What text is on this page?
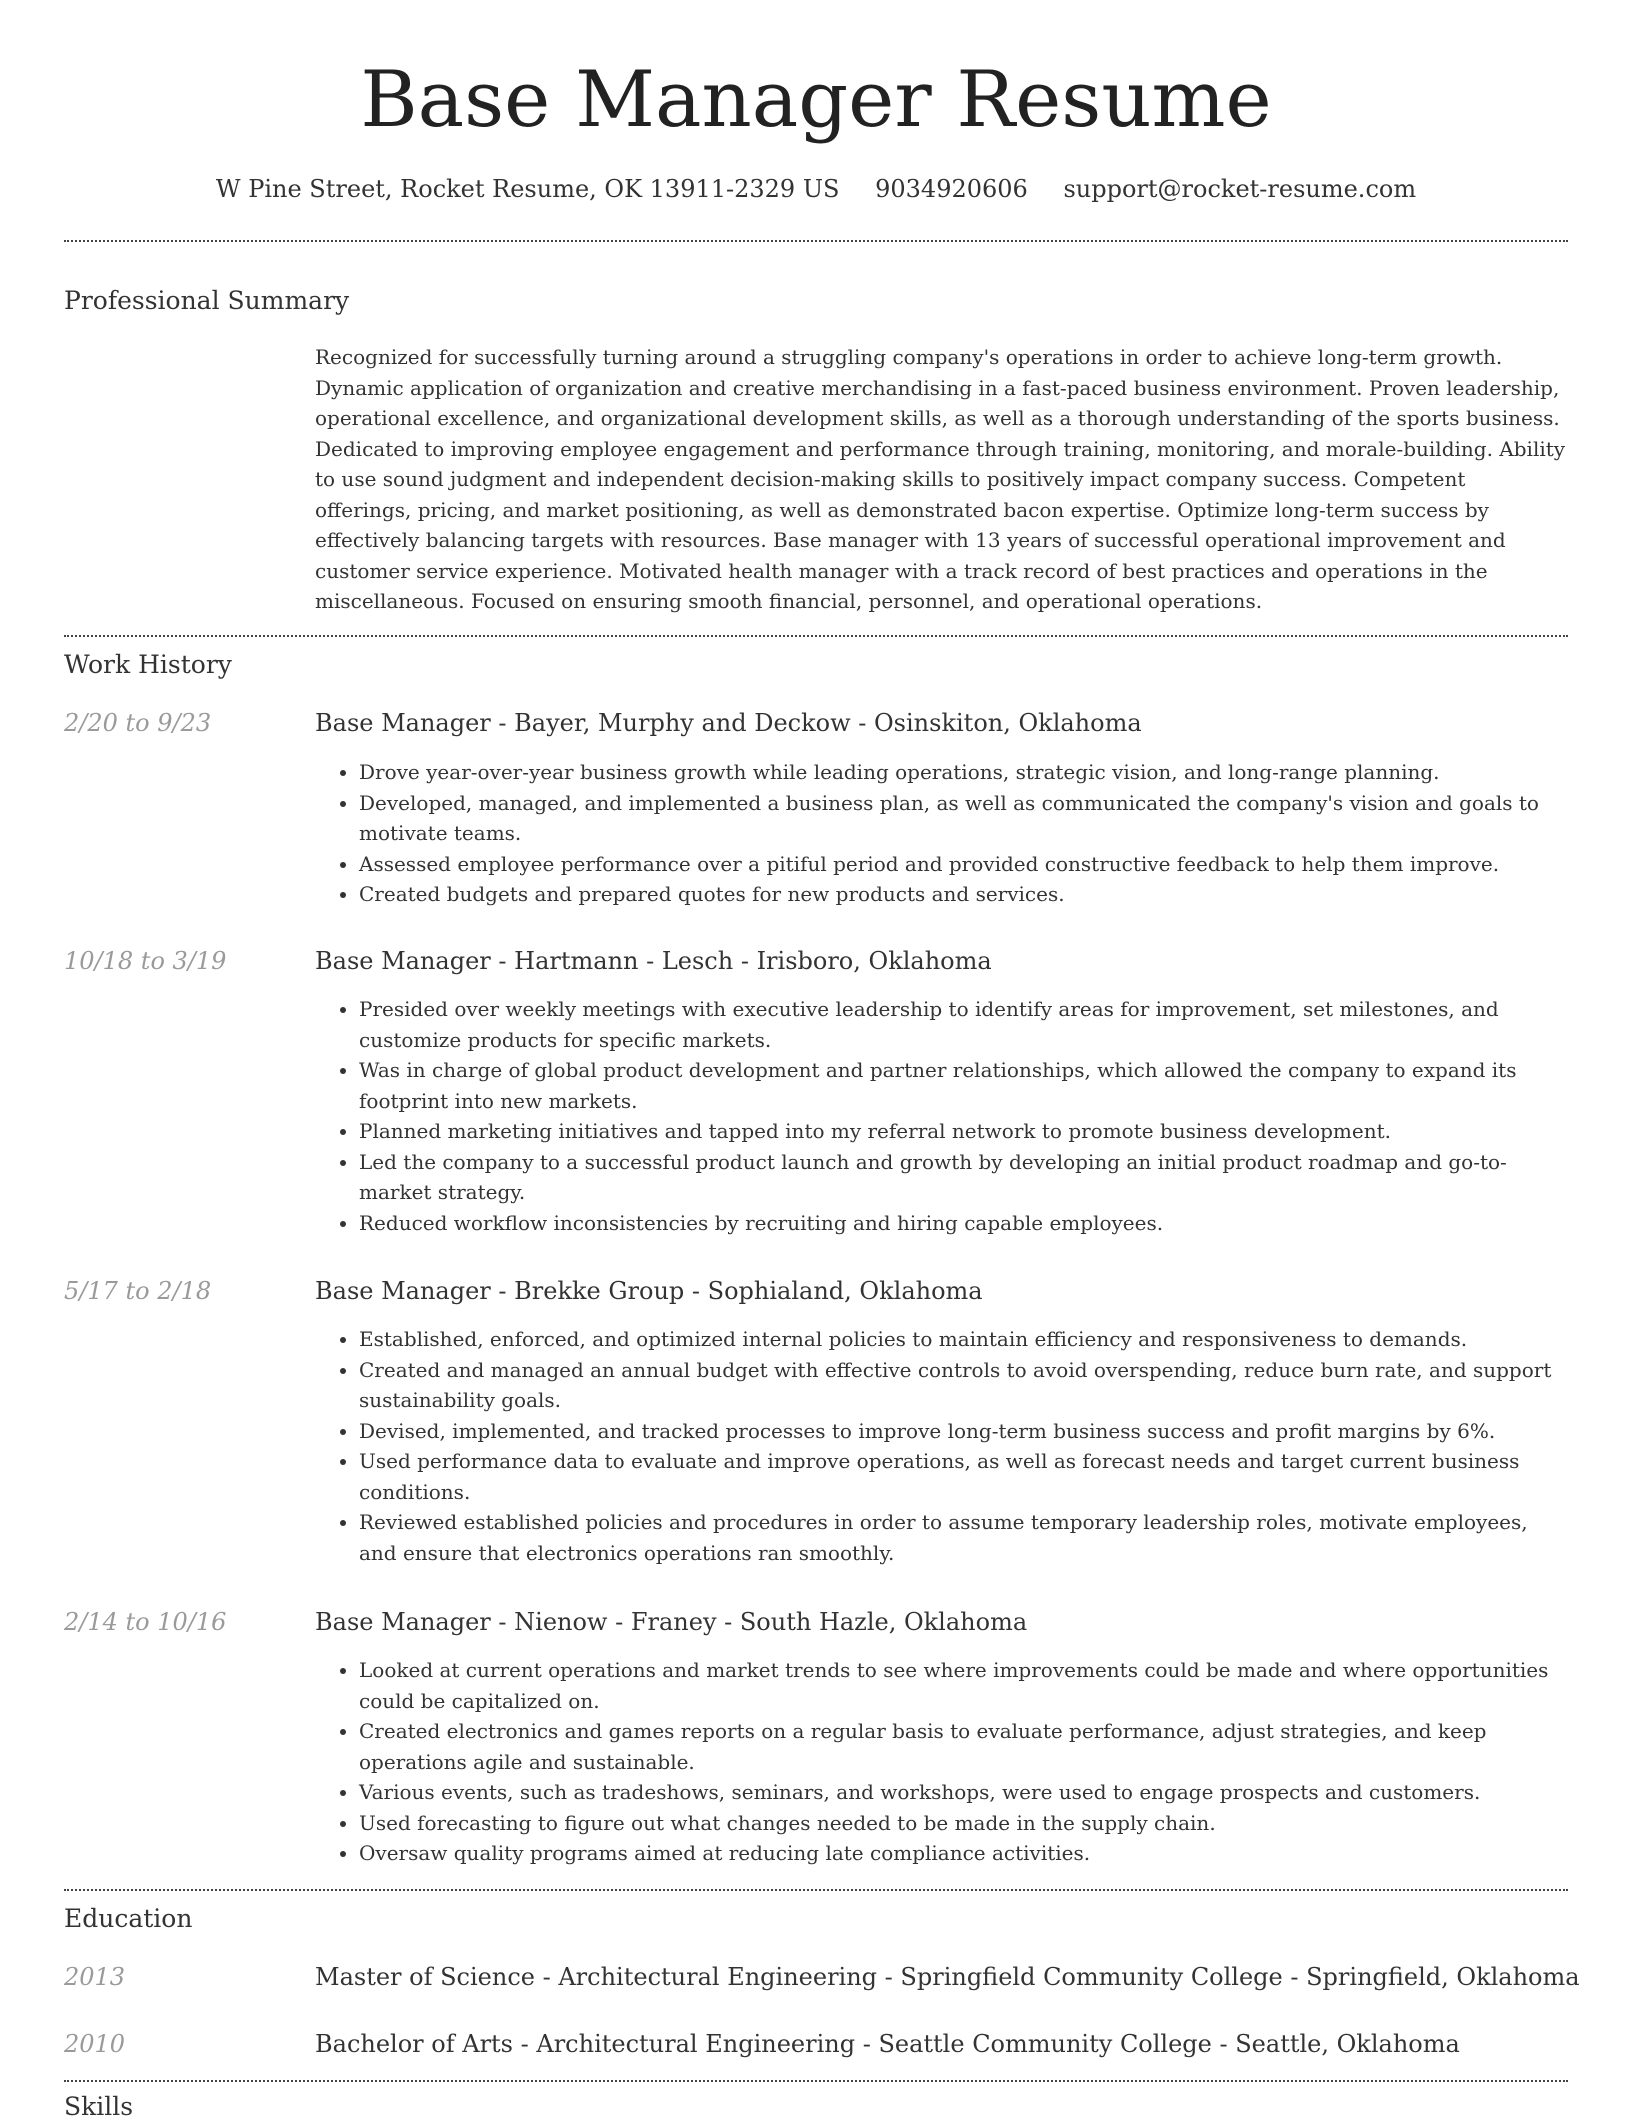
Base Manager Resume
W Pine Street, Rocket Resume, OK 13911-2329 US 9034920606 support@rocket-resume.com
Professional Summary

Recognized for successfully turning around a struggling company's operations in order to achieve long-term growth. Dynamic application of organization and creative merchandising in a fast-paced business environment. Proven leadership, operational excellence, and organizational development skills, as well as a thorough understanding of the sports business. Dedicated to improving employee engagement and performance through training, monitoring, and morale-building. Ability to use sound judgment and independent decision-making skills to positively impact company success. Competent offerings, pricing, and market positioning, as well as demonstrated bacon expertise. Optimize long-term success by effectively balancing targets with resources. Base manager with 13 years of successful operational improvement and customer service experience. Motivated health manager with a track record of best practices and operations in the miscellaneous. Focused on ensuring smooth financial, personnel, and operational operations.

Work History
2/20 to 9/23	Base Manager - Bayer, Murphy and Deckow - Osinskiton, Oklahoma
• Drove year-over-year business growth while leading operations, strategic vision, and long-range planning.
• Developed, managed, and implemented a business plan, as well as communicated the company's vision and goals to motivate teams.
• Assessed employee performance over a pitiful period and provided constructive feedback to help them improve.
• Created budgets and prepared quotes for new products and services.
10/18 to 3/19	Base Manager - Hartmann - Lesch - Irisboro, Oklahoma
• Presided over weekly meetings with executive leadership to identify areas for improvement, set milestones, and customize products for specific markets.
• Was in charge of global product development and partner relationships, which allowed the company to expand its footprint into new markets.
• Planned marketing initiatives and tapped into my referral network to promote business development.
• Led the company to a successful product launch and growth by developing an initial product roadmap and go-to-market strategy.
• Reduced workflow inconsistencies by recruiting and hiring capable employees.
5/17 to 2/18	Base Manager - Brekke Group - Sophialand, Oklahoma
• Established, enforced, and optimized internal policies to maintain efficiency and responsiveness to demands.
• Created and managed an annual budget with effective controls to avoid overspending, reduce burn rate, and support sustainability goals.
• Devised, implemented, and tracked processes to improve long-term business success and profit margins by 6%.
• Used performance data to evaluate and improve operations, as well as forecast needs and target current business conditions.
• Reviewed established policies and procedures in order to assume temporary leadership roles, motivate employees, and ensure that electronics operations ran smoothly.
2/14 to 10/16	Base Manager - Nienow - Franey - South Hazle, Oklahoma
• Looked at current operations and market trends to see where improvements could be made and where opportunities could be capitalized on.
• Created electronics and games reports on a regular basis to evaluate performance, adjust strategies, and keep operations agile and sustainable.
• Various events, such as tradeshows, seminars, and workshops, were used to engage prospects and customers.
• Used forecasting to figure out what changes needed to be made in the supply chain.
• Oversaw quality programs aimed at reducing late compliance activities.
Education
2013	Master of Science - Architectural Engineering - Springfield Community College - Springfield, Oklahoma
2010	Bachelor of Arts - Architectural Engineering - Seattle Community College - Seattle, Oklahoma
Skills
